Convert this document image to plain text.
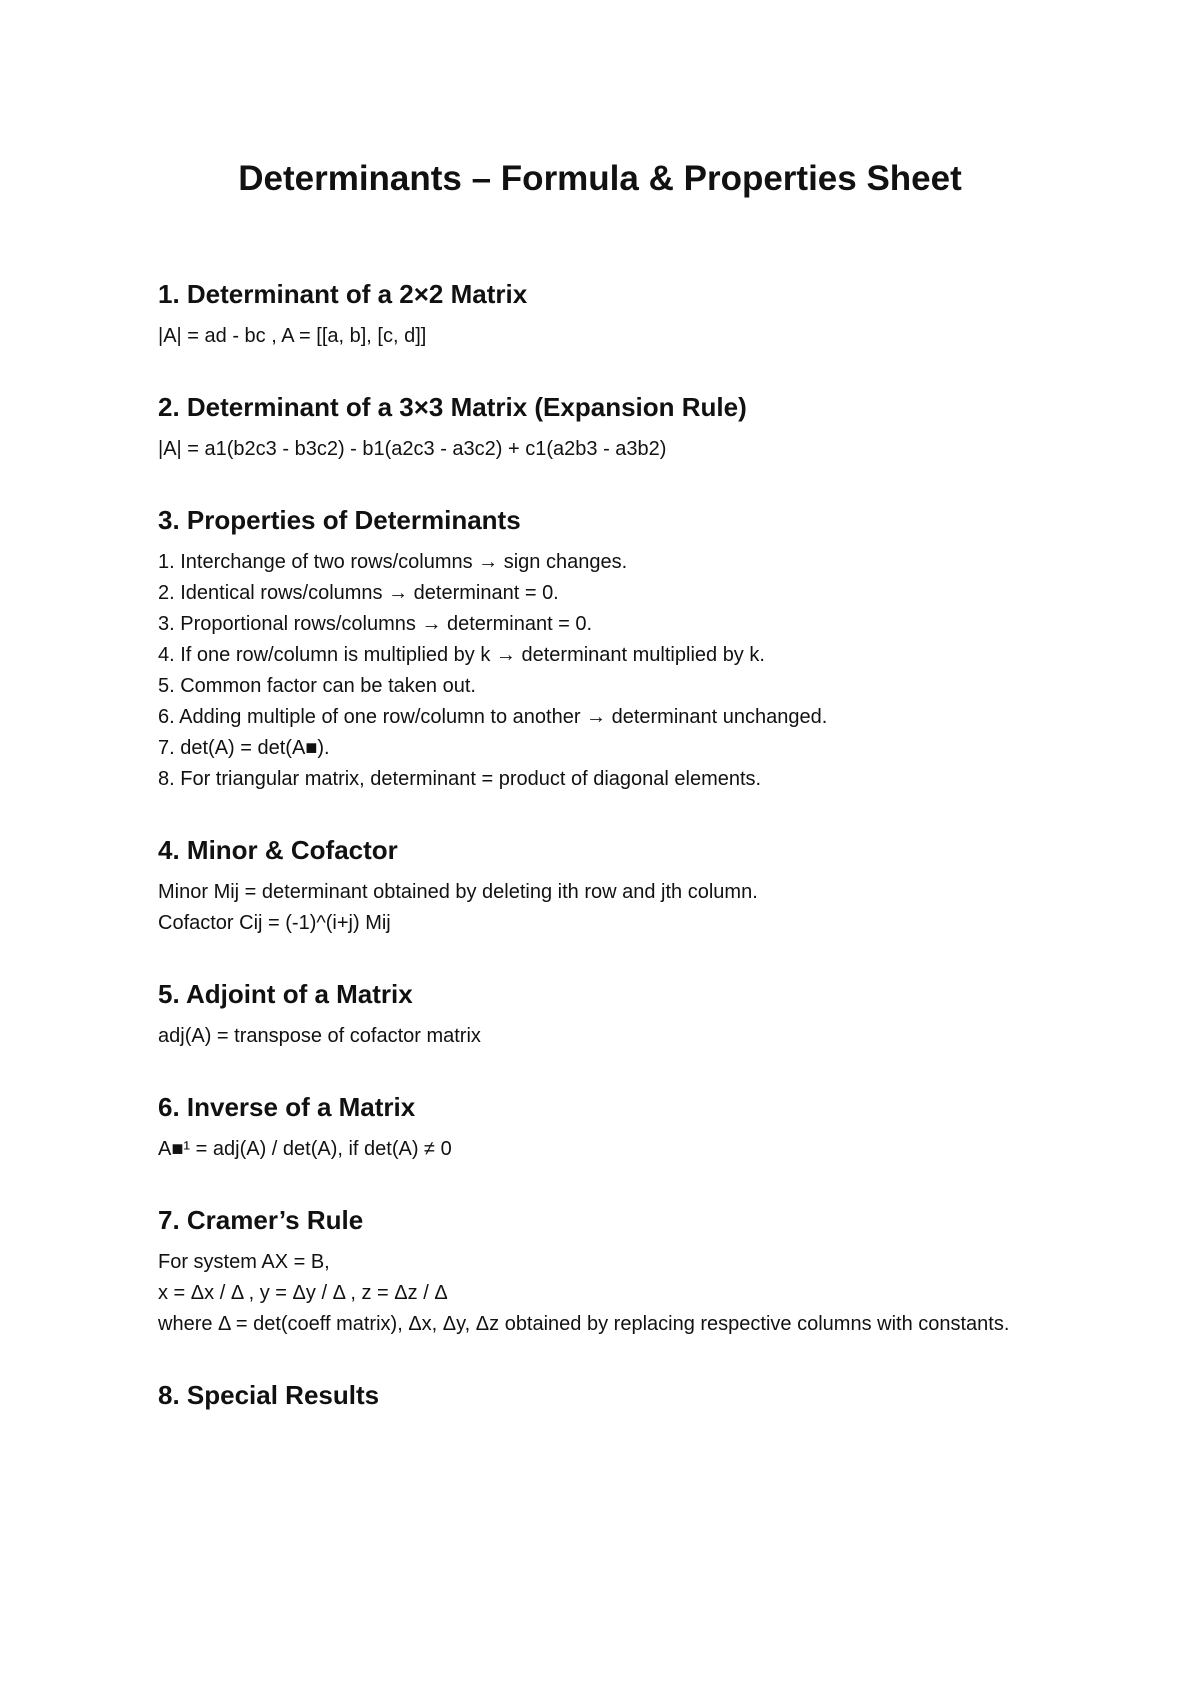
Determinants – Formula & Properties Sheet
1. Determinant of a 2×2 Matrix

|A| = ad - bc , A = [[a, b], [c, d]]

2. Determinant of a 3×3 Matrix (Expansion Rule)

|A| = a1(b2c3 - b3c2) - b1(a2c3 - a3c2) + c1(a2b3 - a3b2)

3. Properties of Determinants

1. Interchange of two rows/columns → sign changes.

2. Identical rows/columns → determinant = 0.

3. Proportional rows/columns → determinant = 0.

4. If one row/column is multiplied by k → determinant multiplied by k.

5. Common factor can be taken out.

6. Adding multiple of one row/column to another → determinant unchanged.

7. det(A) = det(A■).

8. For triangular matrix, determinant = product of diagonal elements.

4. Minor & Cofactor

Minor Mij = determinant obtained by deleting ith row and jth column.

Cofactor Cij = (-1)^(i+j) Mij

5. Adjoint of a Matrix

adj(A) = transpose of cofactor matrix

6. Inverse of a Matrix

A■¹ = adj(A) / det(A), if det(A) ≠ 0

7. Cramer’s Rule

For system AX = B,

x = Δx / Δ , y = Δy / Δ , z = Δz / Δ

where Δ = det(coeff matrix), Δx, Δy, Δz obtained by replacing respective columns with constants.

8. Special Results
